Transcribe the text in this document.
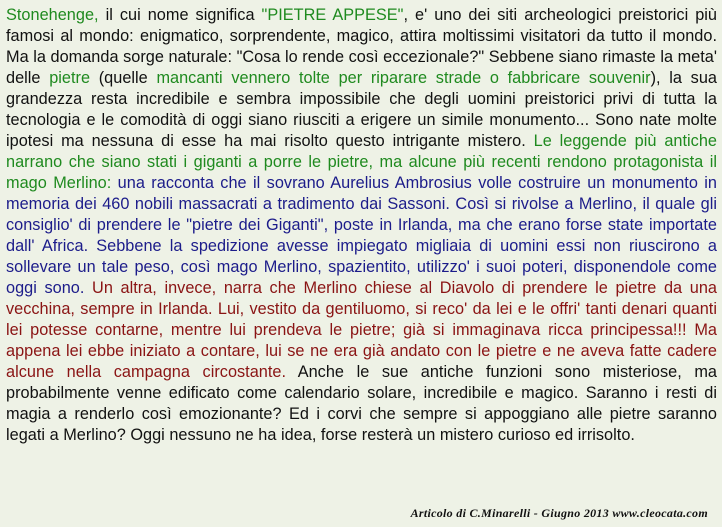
Stonehenge, il cui nome significa "PIETRE APPESE", e' uno dei siti archeologici preistorici più famosi al mondo: enigmatico, sorprendente, magico, attira moltissimi visitatori da tutto il mondo. Ma la domanda sorge naturale: "Cosa lo rende così eccezionale?" Sebbene siano rimaste la meta' delle pietre (quelle mancanti vennero tolte per riparare strade o fabbricare souvenir), la sua grandezza resta incredibile e sembra impossibile che degli uomini preistorici privi di tutta la tecnologia e le comodità di oggi siano riusciti a erigere un simile monumento... Sono nate molte ipotesi ma nessuna di esse ha mai risolto questo intrigante mistero. Le leggende più antiche narrano che siano stati i giganti a porre le pietre, ma alcune più recenti rendono protagonista il mago Merlino: una racconta che il sovrano Aurelius Ambrosius volle costruire un monumento in memoria dei 460 nobili massacrati a tradimento dai Sassoni. Così si rivolse a Merlino, il quale gli consiglio' di prendere le "pietre dei Giganti", poste in Irlanda, ma che erano forse state importate dall' Africa. Sebbene la spedizione avesse impiegato migliaia di uomini essi non riuscirono a sollevare un tale peso, così mago Merlino, spazientito, utilizzo' i suoi poteri, disponendole come oggi sono. Un altra, invece, narra che Merlino chiese al Diavolo di prendere le pietre da una vecchina, sempre in Irlanda. Lui, vestito da gentiluomo, si reco' da lei e le offri' tanti denari quanti lei potesse contarne, mentre lui prendeva le pietre; già si immaginava ricca principessa!!! Ma appena lei ebbe iniziato a contare, lui se ne era già andato con le pietre e ne aveva fatte cadere alcune nella campagna circostante. Anche le sue antiche funzioni sono misteriose, ma probabilmente venne edificato come calendario solare, incredibile e magico. Saranno i resti di magia a renderlo così emozionante? Ed i corvi che sempre si appoggiano alle pietre saranno legati a Merlino? Oggi nessuno ne ha idea, forse resterà un mistero curioso ed irrisolto.

Articolo di C.Minarelli - Giugno 2013 www.cleocata.com
